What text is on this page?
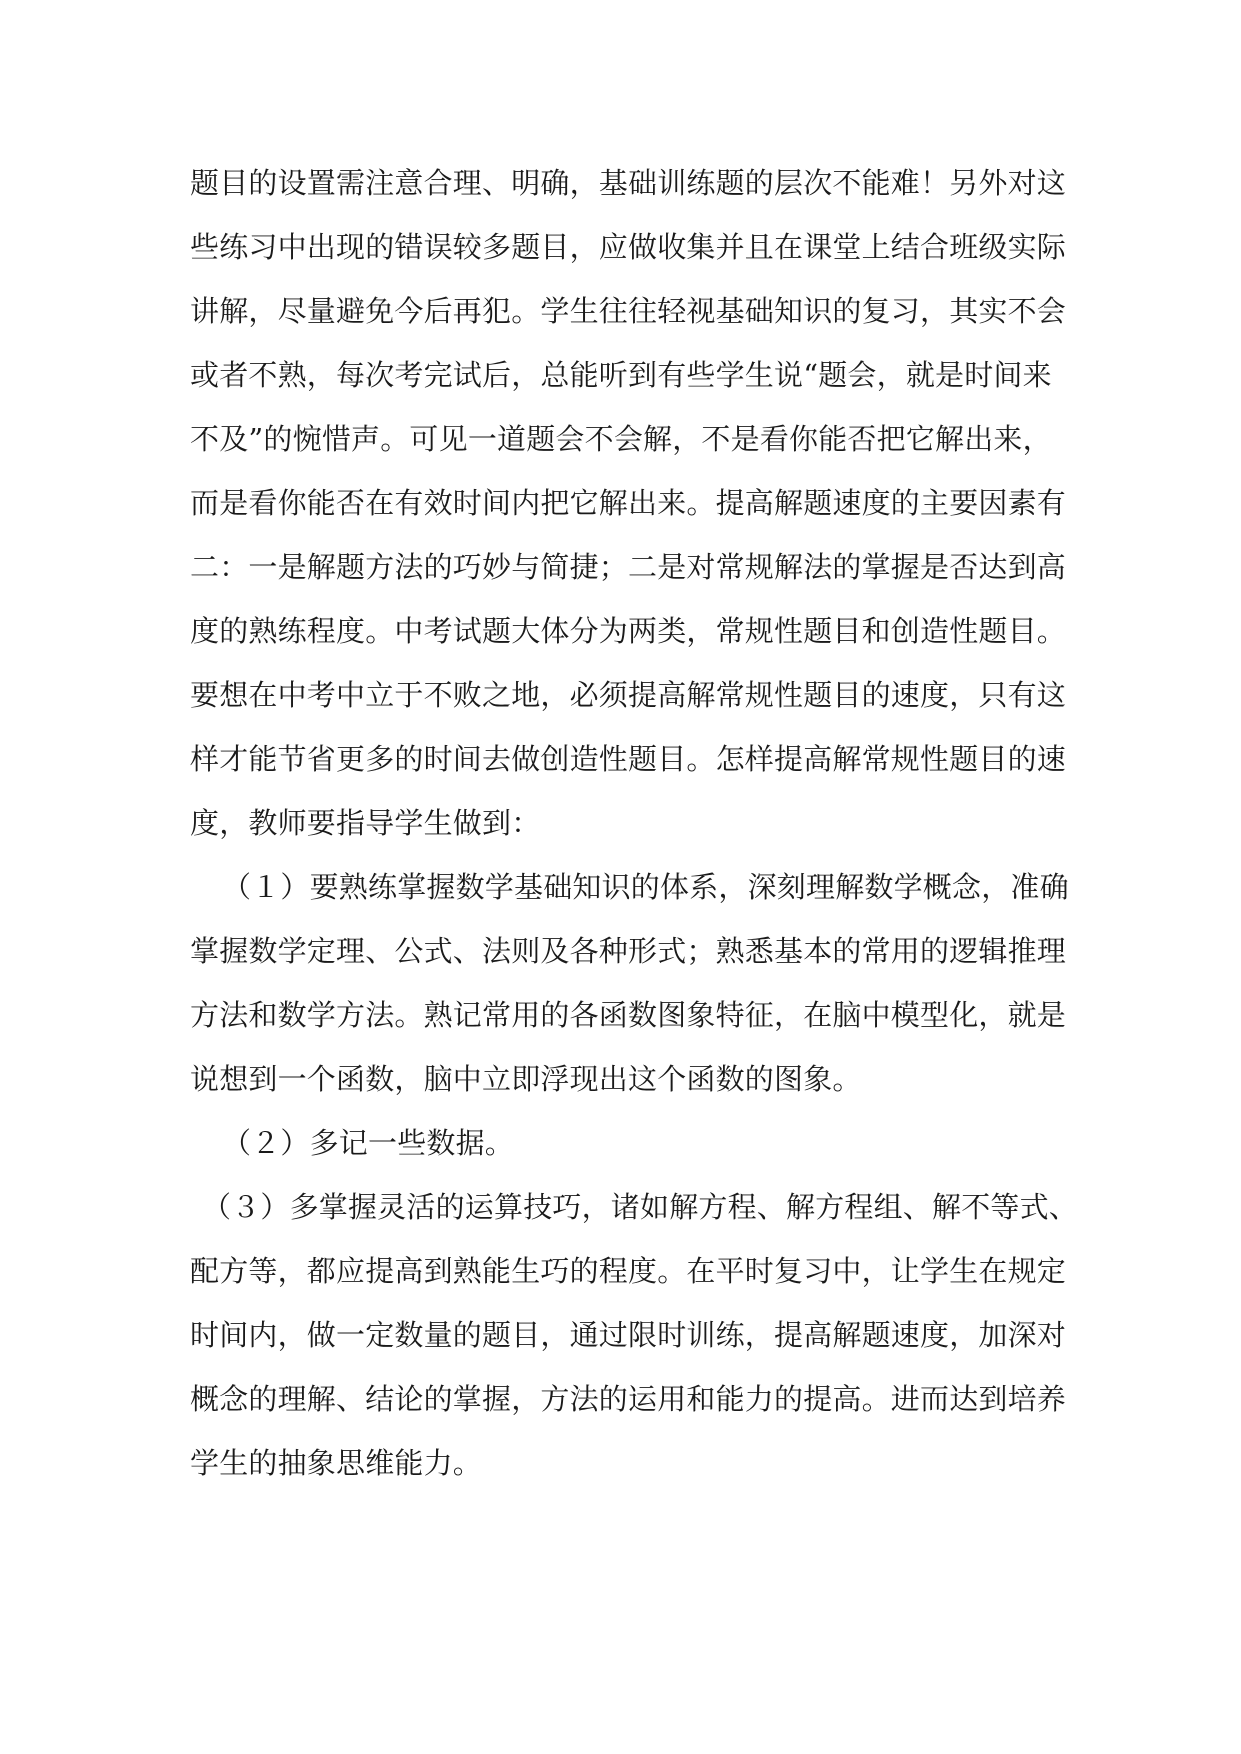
题目的设置需注意合理、明确，基础训练题的层次不能难！另外对这

些练习中出现的错误较多题目，应做收集并且在课堂上结合班级实际

讲解，尽量避免今后再犯。学生往往轻视基础知识的复习，其实不会

或者不熟，每次考完试后，总能听到有些学生说“题会，就是时间来

不及”的惋惜声。可见一道题会不会解，不是看你能否把它解出来，

而是看你能否在有效时间内把它解出来。提高解题速度的主要因素有

二：一是解题方法的巧妙与简捷；二是对常规解法的掌握是否达到高

度的熟练程度。中考试题大体分为两类，常规性题目和创造性题目。

要想在中考中立于不败之地，必须提高解常规性题目的速度，只有这

样才能节省更多的时间去做创造性题目。怎样提高解常规性题目的速

度，教师要指导学生做到：

（１）要熟练掌握数学基础知识的体系，深刻理解数学概念，准确

掌握数学定理、公式、法则及各种形式；熟悉基本的常用的逻辑推理

方法和数学方法。熟记常用的各函数图象特征，在脑中模型化，就是

说想到一个函数，脑中立即浮现出这个函数的图象。

（２）多记一些数据。

（３）多掌握灵活的运算技巧，诸如解方程、解方程组、解不等式、

配方等，都应提高到熟能生巧的程度。在平时复习中，让学生在规定

时间内，做一定数量的题目，通过限时训练，提高解题速度，加深对

概念的理解、结论的掌握，方法的运用和能力的提高。进而达到培养

学生的抽象思维能力。
